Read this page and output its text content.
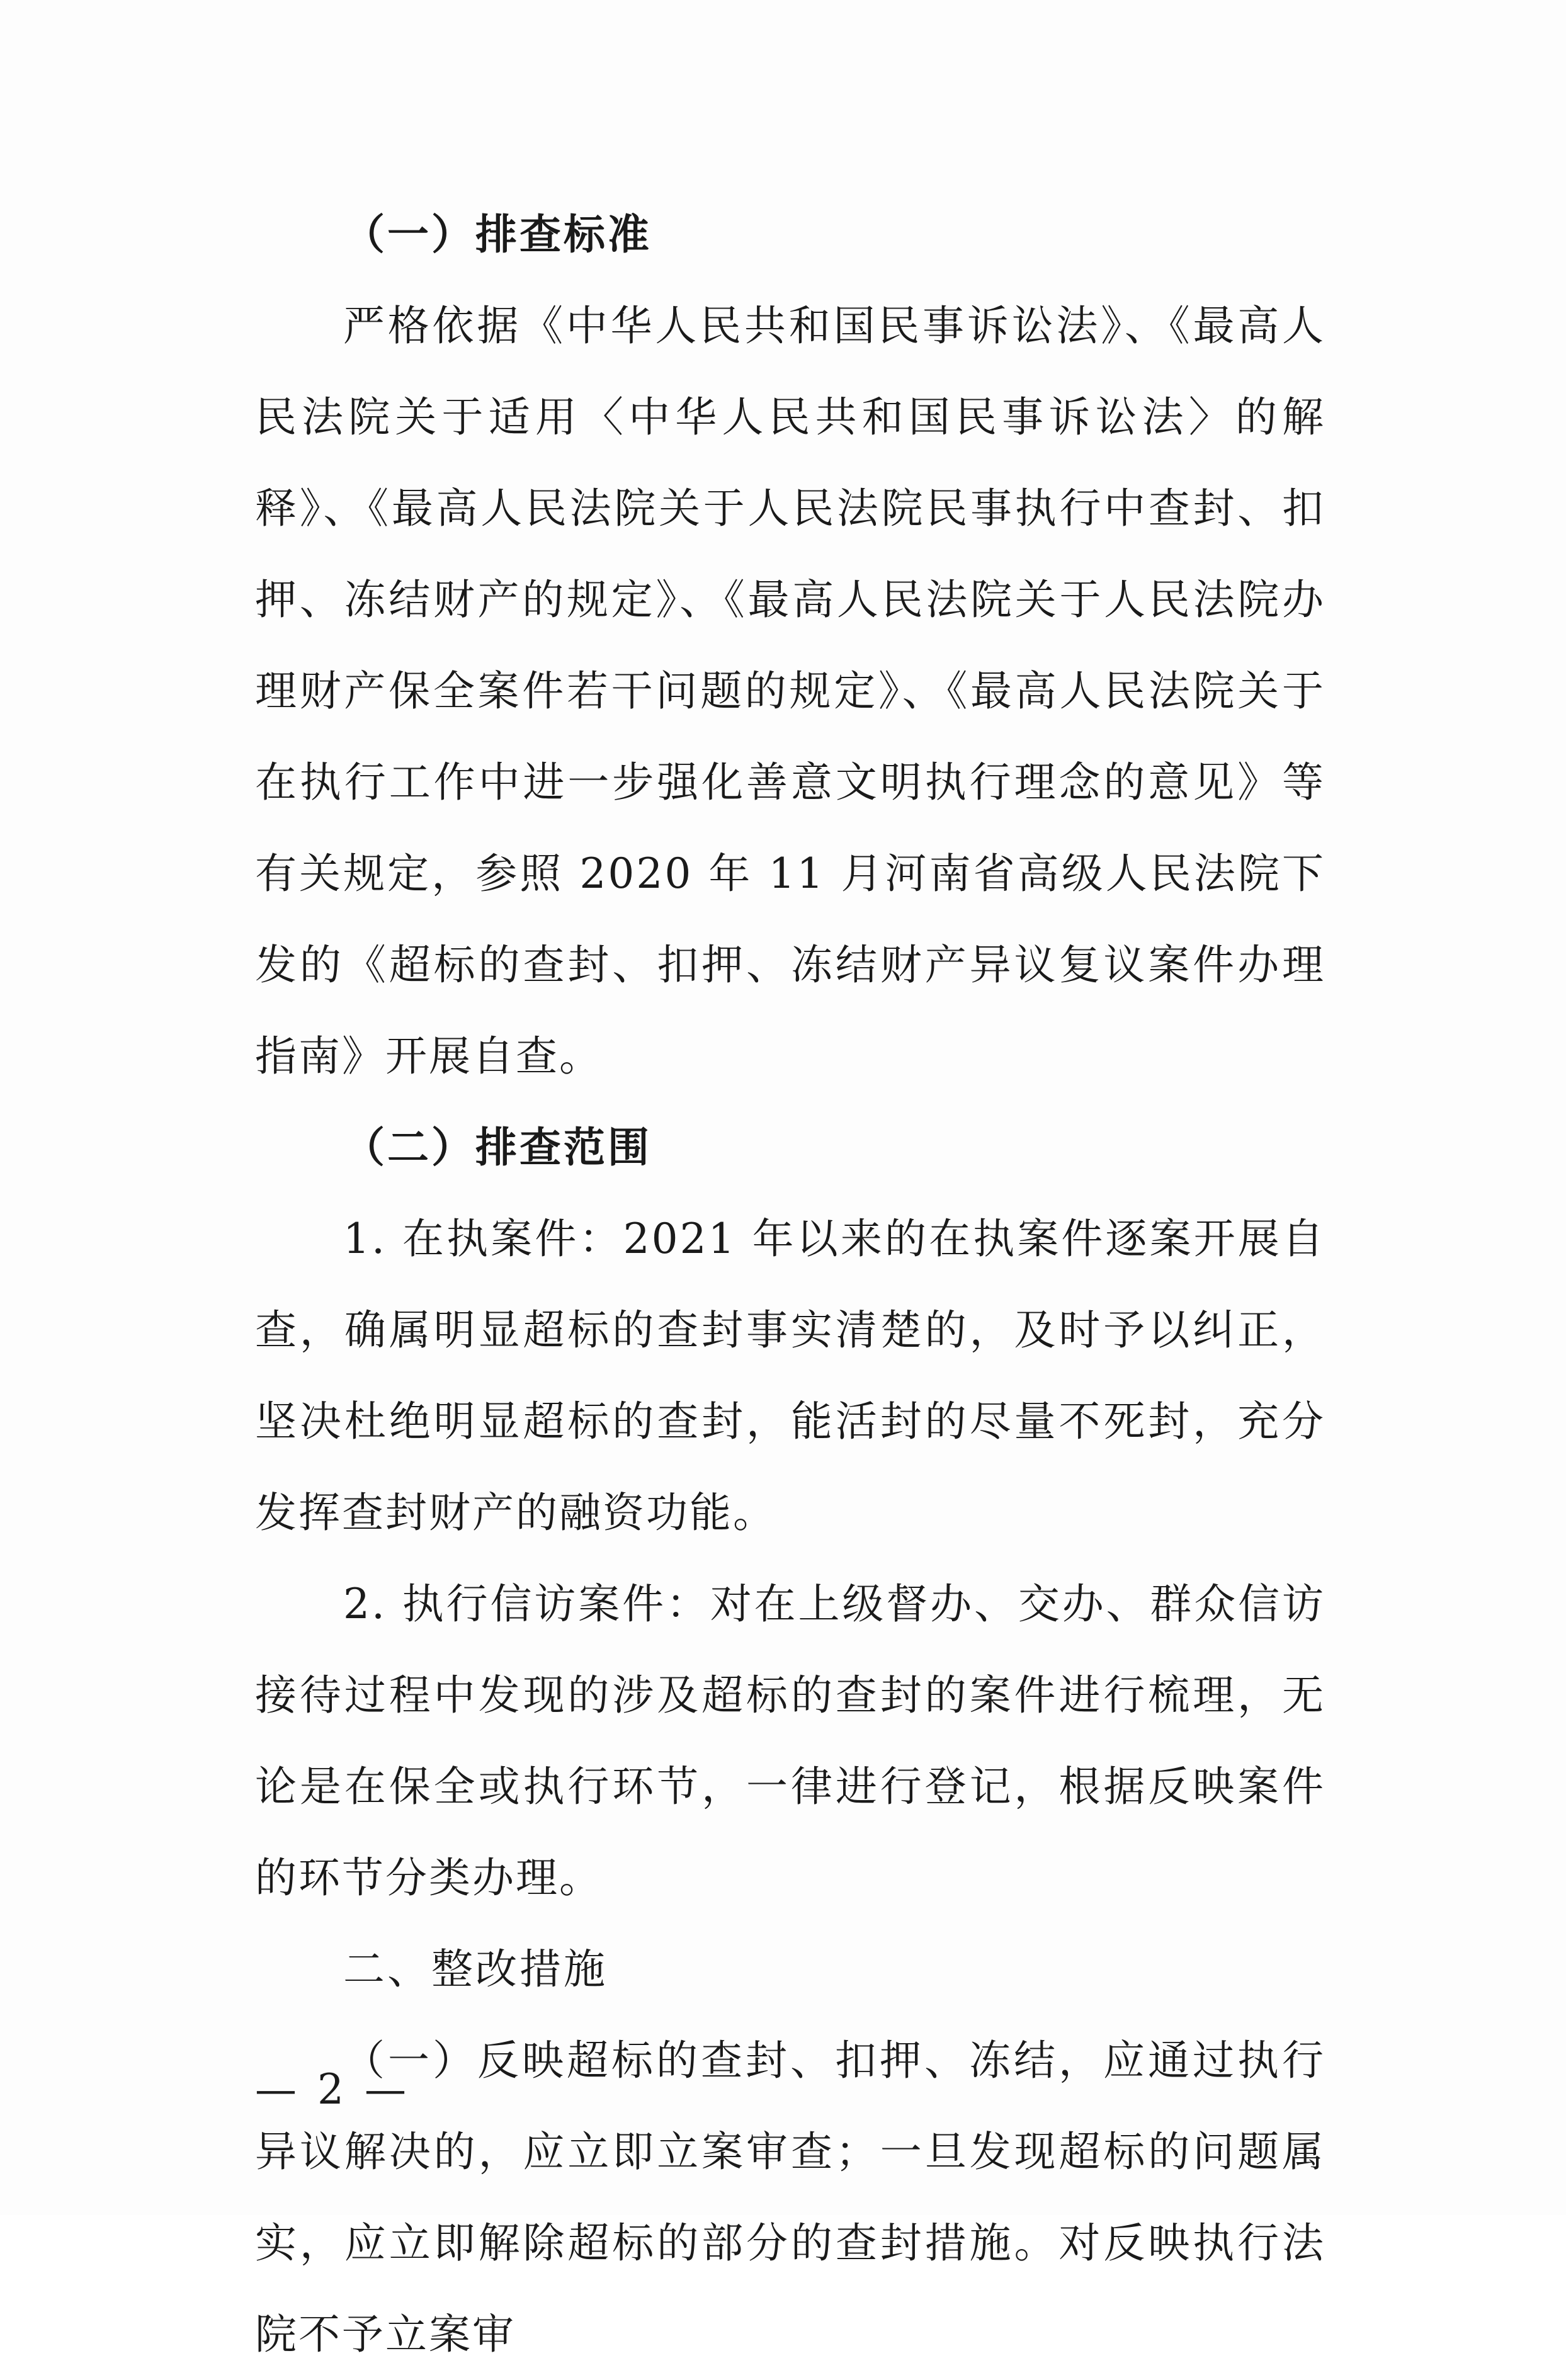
（一）排查标准

严格依据《中华人民共和国民事诉讼法》、《最高人民法院关于适用〈中华人民共和国民事诉讼法〉的解释》、《最高人民法院关于人民法院民事执行中查封、扣押、冻结财产的规定》、《最高人民法院关于人民法院办理财产保全案件若干问题的规定》、《最高人民法院关于在执行工作中进一步强化善意文明执行理念的意见》等有关规定，参照 2020 年 11 月河南省高级人民法院下发的《超标的查封、扣押、冻结财产异议复议案件办理指南》开展自查。

（二）排查范围

1. 在执案件：2021 年以来的在执案件逐案开展自查，确属明显超标的查封事实清楚的，及时予以纠正，坚决杜绝明显超标的查封，能活封的尽量不死封，充分发挥查封财产的融资功能。

2. 执行信访案件：对在上级督办、交办、群众信访接待过程中发现的涉及超标的查封的案件进行梳理，无论是在保全或执行环节，一律进行登记，根据反映案件的环节分类办理。

二、整改措施

（一）反映超标的查封、扣押、冻结，应通过执行异议解决的，应立即立案审查；一旦发现超标的问题属实，应立即解除超标的部分的查封措施。对反映执行法院不予立案审

— 2 —
